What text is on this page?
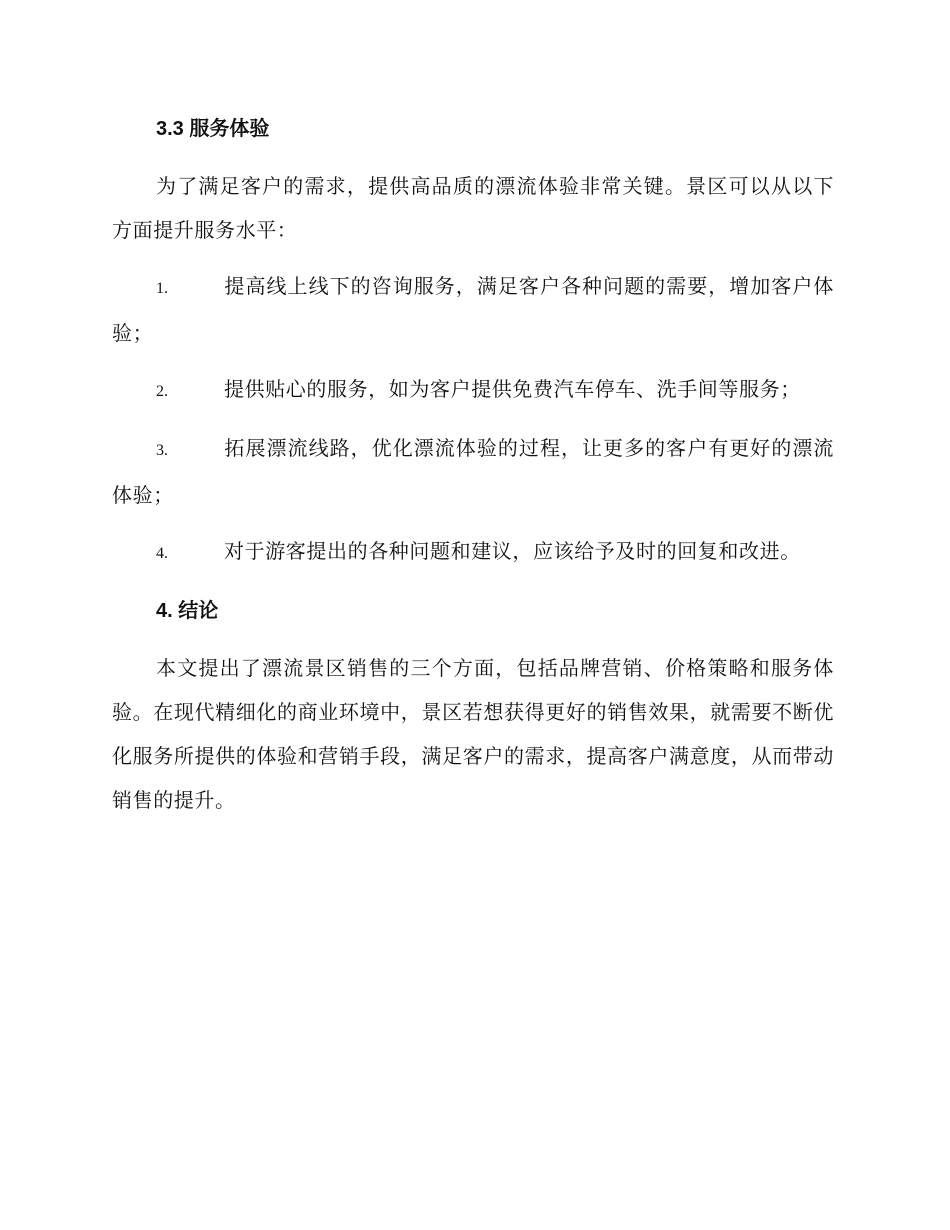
3.3 服务体验

为了满足客户的需求，提供高品质的漂流体验非常关键。景区可以从以下方面提升服务水平：

1.	提高线上线下的咨询服务，满足客户各种问题的需要，增加客户体验；

2.	提供贴心的服务，如为客户提供免费汽车停车、洗手间等服务；

3.	拓展漂流线路，优化漂流体验的过程，让更多的客户有更好的漂流体验；

4.	对于游客提出的各种问题和建议，应该给予及时的回复和改进。

4. 结论

本文提出了漂流景区销售的三个方面，包括品牌营销、价格策略和服务体验。在现代精细化的商业环境中，景区若想获得更好的销售效果，就需要不断优化服务所提供的体验和营销手段，满足客户的需求，提高客户满意度，从而带动销售的提升。
